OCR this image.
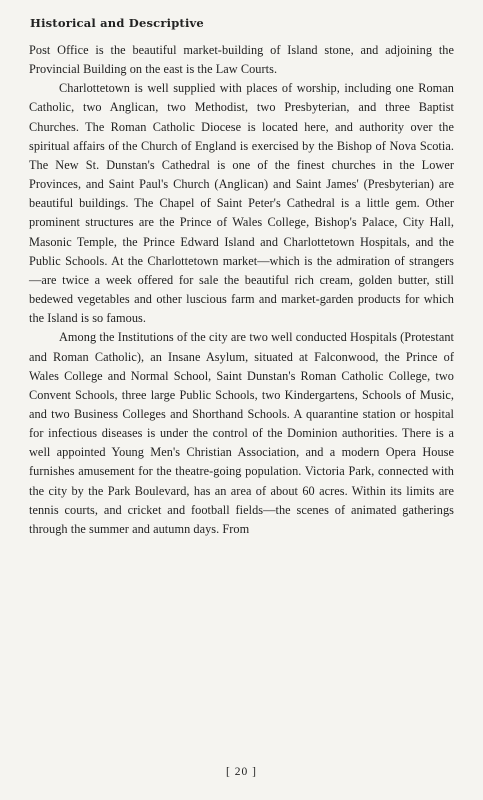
Historical and Descriptive

Post Office is the beautiful market-building of Island stone, and adjoining the Provincial Building on the east is the Law Courts.

Charlottetown is well supplied with places of worship, including one Roman Catholic, two Anglican, two Methodist, two Presbyterian, and three Baptist Churches. The Roman Catholic Diocese is located here, and authority over the spiritual affairs of the Church of England is exercised by the Bishop of Nova Scotia. The New St. Dunstan's Cathedral is one of the finest churches in the Lower Provinces, and Saint Paul's Church (Anglican) and Saint James' (Presbyterian) are beautiful buildings. The Chapel of Saint Peter's Cathedral is a little gem. Other prominent structures are the Prince of Wales College, Bishop's Palace, City Hall, Masonic Temple, the Prince Edward Island and Charlottetown Hospitals, and the Public Schools. At the Charlottetown market—which is the admiration of strangers—are twice a week offered for sale the beautiful rich cream, golden butter, still bedewed vegetables and other luscious farm and market-garden products for which the Island is so famous.

Among the Institutions of the city are two well conducted Hospitals (Protestant and Roman Catholic), an Insane Asylum, situated at Falconwood, the Prince of Wales College and Normal School, Saint Dunstan's Roman Catholic College, two Convent Schools, three large Public Schools, two Kindergartens, Schools of Music, and two Business Colleges and Shorthand Schools. A quarantine station or hospital for infectious diseases is under the control of the Dominion authorities. There is a well appointed Young Men's Christian Association, and a modern Opera House furnishes amusement for the theatre-going population. Victoria Park, connected with the city by the Park Boulevard, has an area of about 60 acres. Within its limits are tennis courts, and cricket and football fields—the scenes of animated gatherings through the summer and autumn days. From

[ 20 ]
